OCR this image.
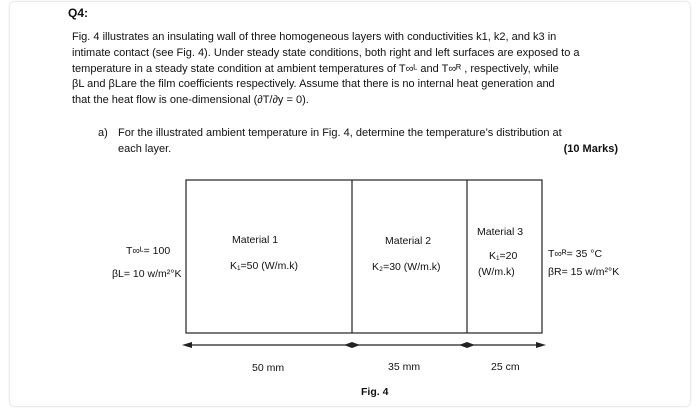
Q4:
Fig. 4 illustrates an insulating wall of three homogeneous layers with conductivities k1, k2, and k3 in
intimate contact (see Fig. 4). Under steady state conditions, both right and left surfaces are exposed to a
temperature in a steady state condition at ambient temperatures of T∞ᴸ and T∞ᴿ , respectively, while
βL and βLare the film coefficients respectively. Assume that there is no internal heat generation and
that the heat flow is one-dimensional (∂T/∂y = 0).
a) For the illustrated ambient temperature in Fig. 4, determine the temperature’s distribution at
each layer.	(10 Marks)
Material 1
K₁=50 (W/m.k)
Material 2
K₂=30 (W/m.k)
Material 3
K₁=20
(W/m.k)
T∞ᴸ= 100
βL= 10 w/m²°K
T∞ᴿ= 35 °C
βR= 15 w/m²°K
50 mm	35 mm	25 cm
Fig. 4
